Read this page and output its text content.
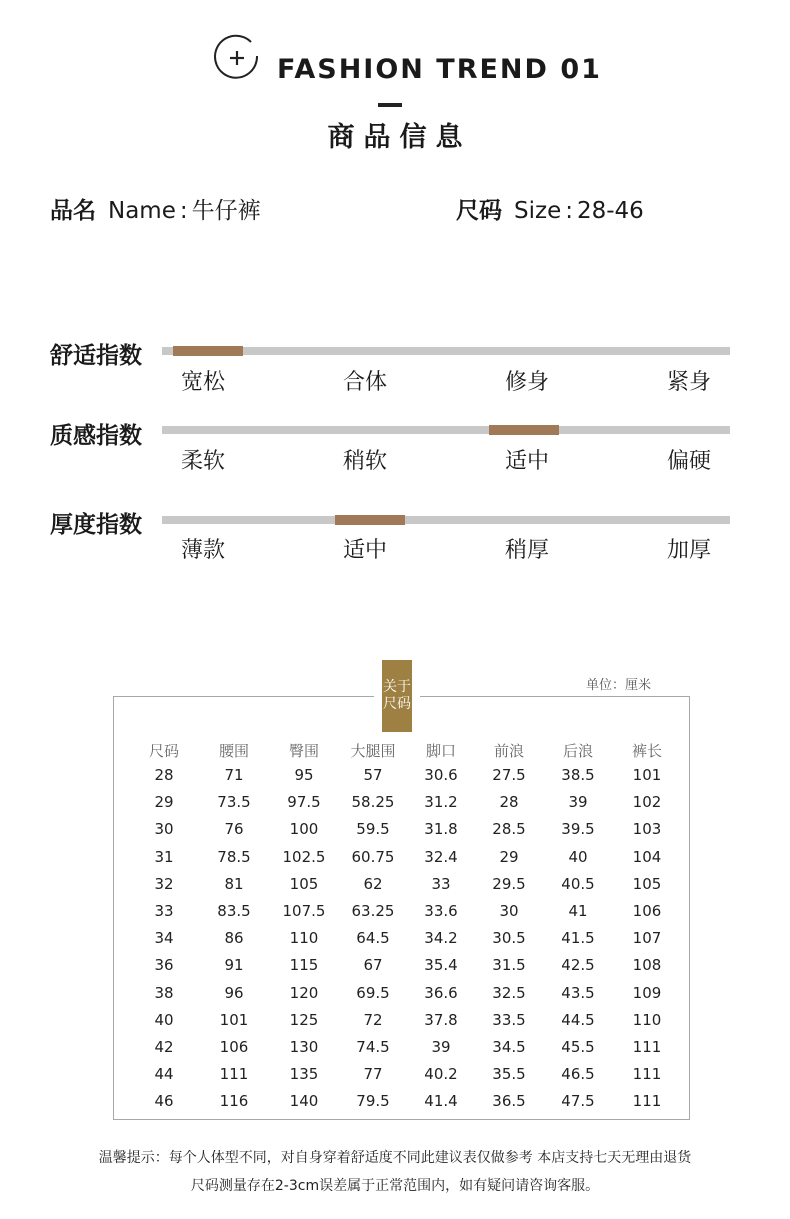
FASHION TREND 01
商品信息
品名 Name : 牛仔裤	尺码 Size : 28-46
舒适指数
宽松	合体	修身	紧身
质感指数
柔软	稍软	适中	偏硬
厚度指数
薄款	适中	稍厚	加厚
关于
尺码
单位：厘米
尺码	腰围	臀围	大腿围	脚口	前浪	后浪	裤长
28	71	95	57	30.6	27.5	38.5	101
29	73.5	97.5	58.25	31.2	28	39	102
30	76	100	59.5	31.8	28.5	39.5	103
31	78.5	102.5	60.75	32.4	29	40	104
32	81	105	62	33	29.5	40.5	105
33	83.5	107.5	63.25	33.6	30	41	106
34	86	110	64.5	34.2	30.5	41.5	107
36	91	115	67	35.4	31.5	42.5	108
38	96	120	69.5	36.6	32.5	43.5	109
40	101	125	72	37.8	33.5	44.5	110
42	106	130	74.5	39	34.5	45.5	111
44	111	135	77	40.2	35.5	46.5	111
46	116	140	79.5	41.4	36.5	47.5	111
温馨提示：每个人体型不同，对自身穿着舒适度不同此建议表仅做参考 本店支持七天无理由退货
尺码测量存在2-3cm误差属于正常范围内，如有疑问请咨询客服。
